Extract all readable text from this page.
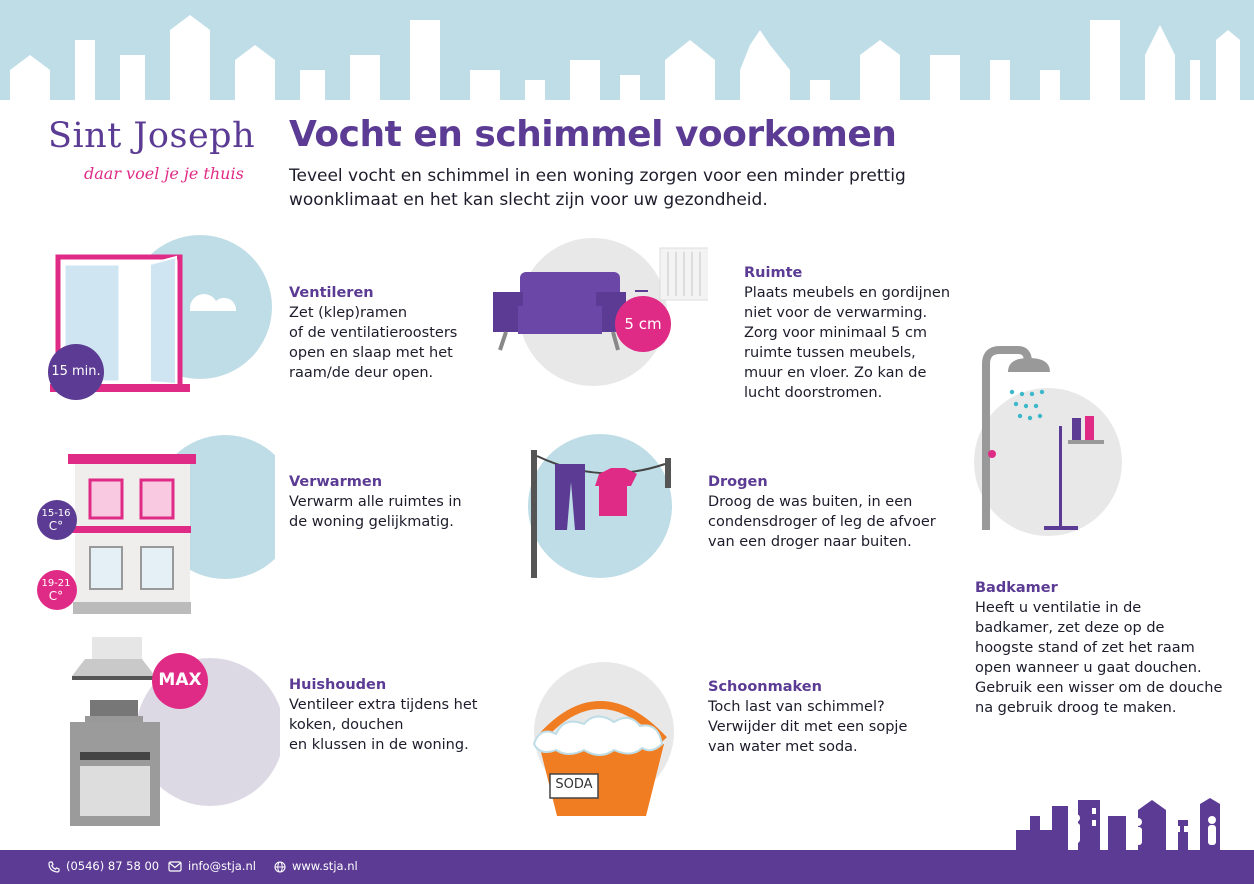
Sint Joseph
daar voel je je thuis
Vocht en schimmel voorkomen
Teveel vocht en schimmel in een woning zorgen voor een minder prettig woonklimaat en het kan slecht zijn voor uw gezondheid.
15 min.
Ventileren
Zet (klep)ramen
of de ventilatieroosters
open en slaap met het
raam/de deur open.
15-16
C°
19-21
C°
Verwarmen
Verwarm alle ruimtes in
de woning gelijkmatig.
MAX	Huishouden
Ventileer extra tijdens het
koken, douchen
en klussen in de woning.
5 cm
Ruimte
Plaats meubels en gordijnen
niet voor de verwarming.
Zorg voor minimaal 5 cm
ruimte tussen meubels,
muur en vloer. Zo kan de
lucht doorstromen.
Drogen
Droog de was buiten, in een
condensdroger of leg de afvoer
van een droger naar buiten.
SODA
Schoonmaken
Toch last van schimmel?
Verwijder dit met een sopje
van water met soda.
Badkamer
Heeft u ventilatie in de
badkamer, zet deze op de
hoogste stand of zet het raam
open wanneer u gaat douchen.
Gebruik een wisser om de douche
na gebruik droog te maken.
(0546) 87 58 00	info@stja.nl	www.stja.nl
